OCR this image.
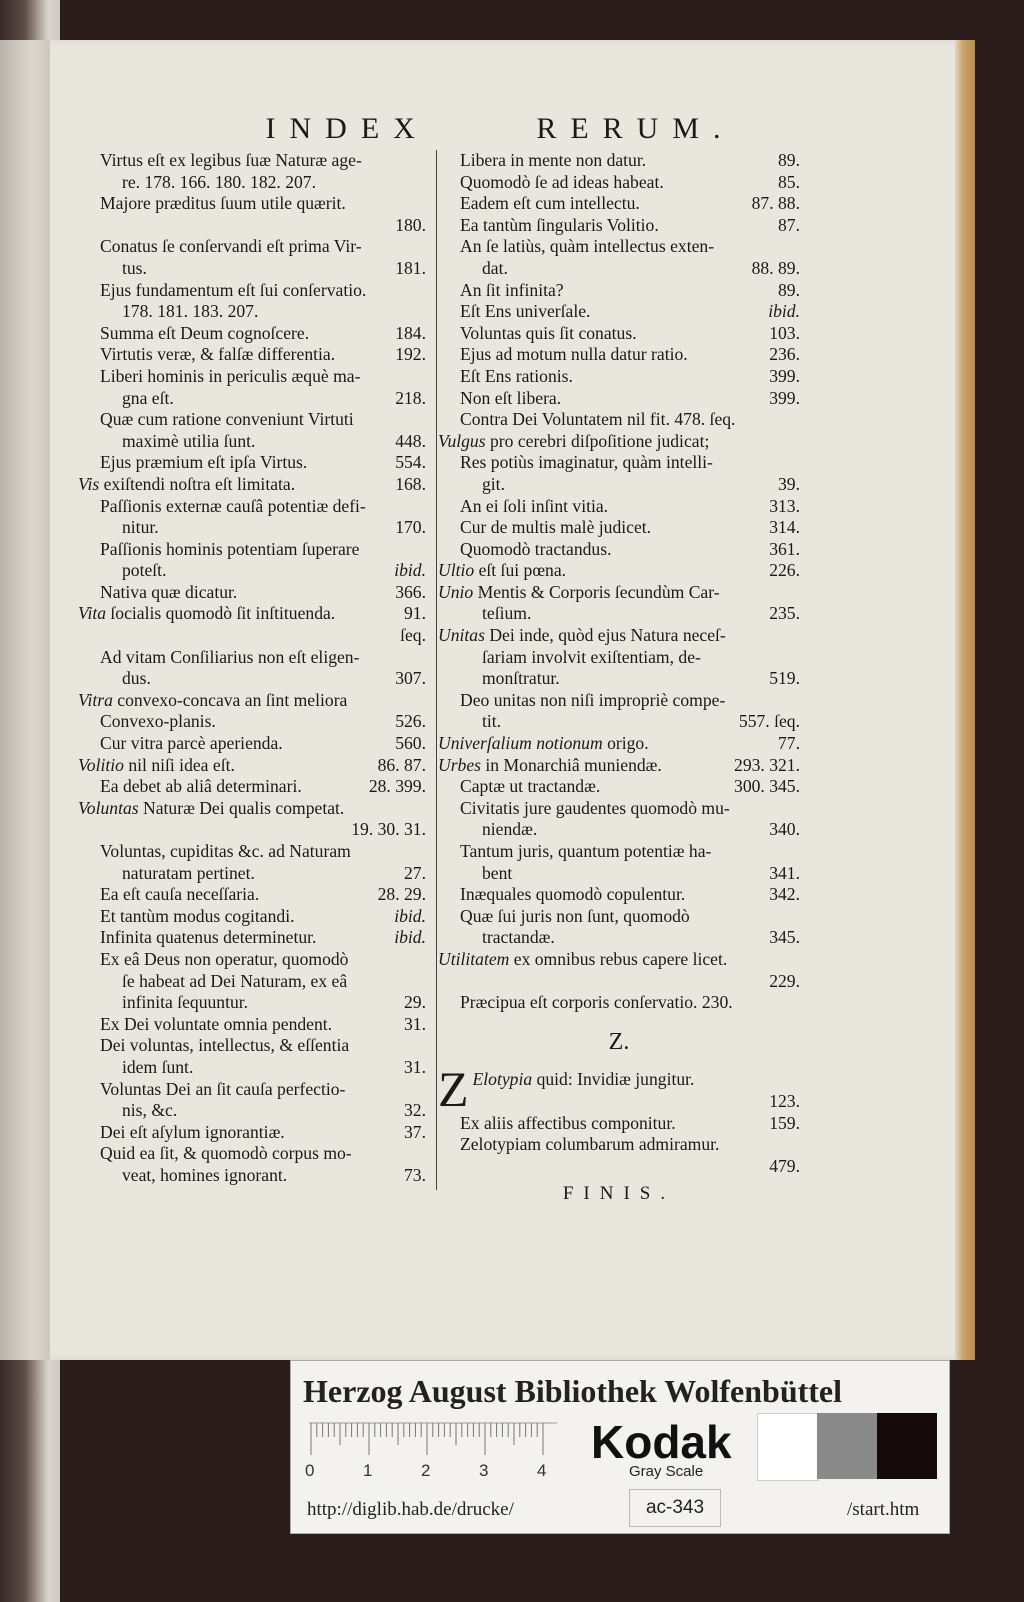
INDEX	RERUM.
Virtus eſt ex legibus ſuæ Naturæ age-
re. 178. 166. 180. 182. 207.
Majore præditus ſuum utile quærit.
180.
Conatus ſe conſervandi eſt prima Vir-
tus.	181.
Ejus fundamentum eſt ſui conſervatio.
178. 181. 183. 207.
Summa eſt Deum cognoſcere.	184.
Virtutis veræ, & falſæ differentia.	192.
Liberi hominis in periculis æquè ma-
gna eſt.	218.
Quæ cum ratione conveniunt Virtuti
maximè utilia ſunt.	448.
Ejus præmium eſt ipſa Virtus.	554.
Vis exiſtendi noſtra eſt limitata.	168.
Paſſionis externæ cauſâ potentiæ defi-
nitur.	170.
Paſſionis hominis potentiam ſuperare
poteſt.	ibid.
Nativa quæ dicatur.	366.
Vita ſocialis quomodò ſit inſtituenda.	91.
ſeq.
Ad vitam Conſiliarius non eſt eligen-
dus.	307.
Vitra convexo-concava an ſint meliora
Convexo-planis.	526.
Cur vitra parcè aperienda.	560.
Volitio nil niſi idea eſt.	86. 87.
Ea debet ab aliâ determinari.	28. 399.
Voluntas Naturæ Dei qualis competat.
19. 30. 31.
Voluntas, cupiditas &c. ad Naturam
naturatam pertinet.	27.
Ea eſt cauſa neceſſaria.	28. 29.
Et tantùm modus cogitandi.	ibid.
Infinita quatenus determinetur.	ibid.
Ex eâ Deus non operatur, quomodò
ſe habeat ad Dei Naturam, ex eâ
infinita ſequuntur.	29.
Ex Dei voluntate omnia pendent.	31.
Dei voluntas, intellectus, & eſſentia
idem ſunt.	31.
Voluntas Dei an ſit cauſa perfectio-
nis, &c.	32.
Dei eſt aſylum ignorantiæ.	37.
Quid ea ſit, & quomodò corpus mo-
veat, homines ignorant.	73.
Libera in mente non datur.	89.
Quomodò ſe ad ideas habeat.	85.
Eadem eſt cum intellectu.	87. 88.
Ea tantùm ſingularis Volitio.	87.
An ſe latiùs, quàm intellectus exten-
dat.	88. 89.
An ſit infinita?	89.
Eſt Ens univerſale.	ibid.
Voluntas quis ſit conatus.	103.
Ejus ad motum nulla datur ratio.	236.
Eſt Ens rationis.	399.
Non eſt libera.	399.
Contra Dei Voluntatem nil fit. 478. ſeq.
Vulgus pro cerebri diſpoſitione judicat;
Res potiùs imaginatur, quàm intelli-
git.	39.
An ei ſoli inſint vitia.	313.
Cur de multis malè judicet.	314.
Quomodò tractandus.	361.
Ultio eſt ſui pœna.	226.
Unio Mentis & Corporis ſecundùm Car-
teſium.	235.
Unitas Dei inde, quòd ejus Natura neceſ-
ſariam involvit exiſtentiam, de-
monſtratur.	519.
Deo unitas non niſi impropriè compe-
tit.	557. ſeq.
Univerſalium notionum origo.	77.
Urbes in Monarchiâ muniendæ.	293. 321.
Captæ ut tractandæ.	300. 345.
Civitatis jure gaudentes quomodò mu-
niendæ.	340.
Tantum juris, quantum potentiæ ha-
bent	341.
Inæquales quomodò copulentur.	342.
Quæ ſui juris non ſunt, quomodò
tractandæ.	345.
Utilitatem ex omnibus rebus capere licet.
229.
Præcipua eſt corporis conſervatio. 230.
Z.
Z Elotypia quid: Invidiæ jungitur.
123.
Ex aliis affectibus componitur.	159.
Zelotypiam columbarum admiramur.
479.
FINIS.
Herzog August Bibliothek Wolfenbüttel
0	1	2	3	4
Kodak
Gray Scale
http://diglib.hab.de/drucke/	ac-343	/start.htm
